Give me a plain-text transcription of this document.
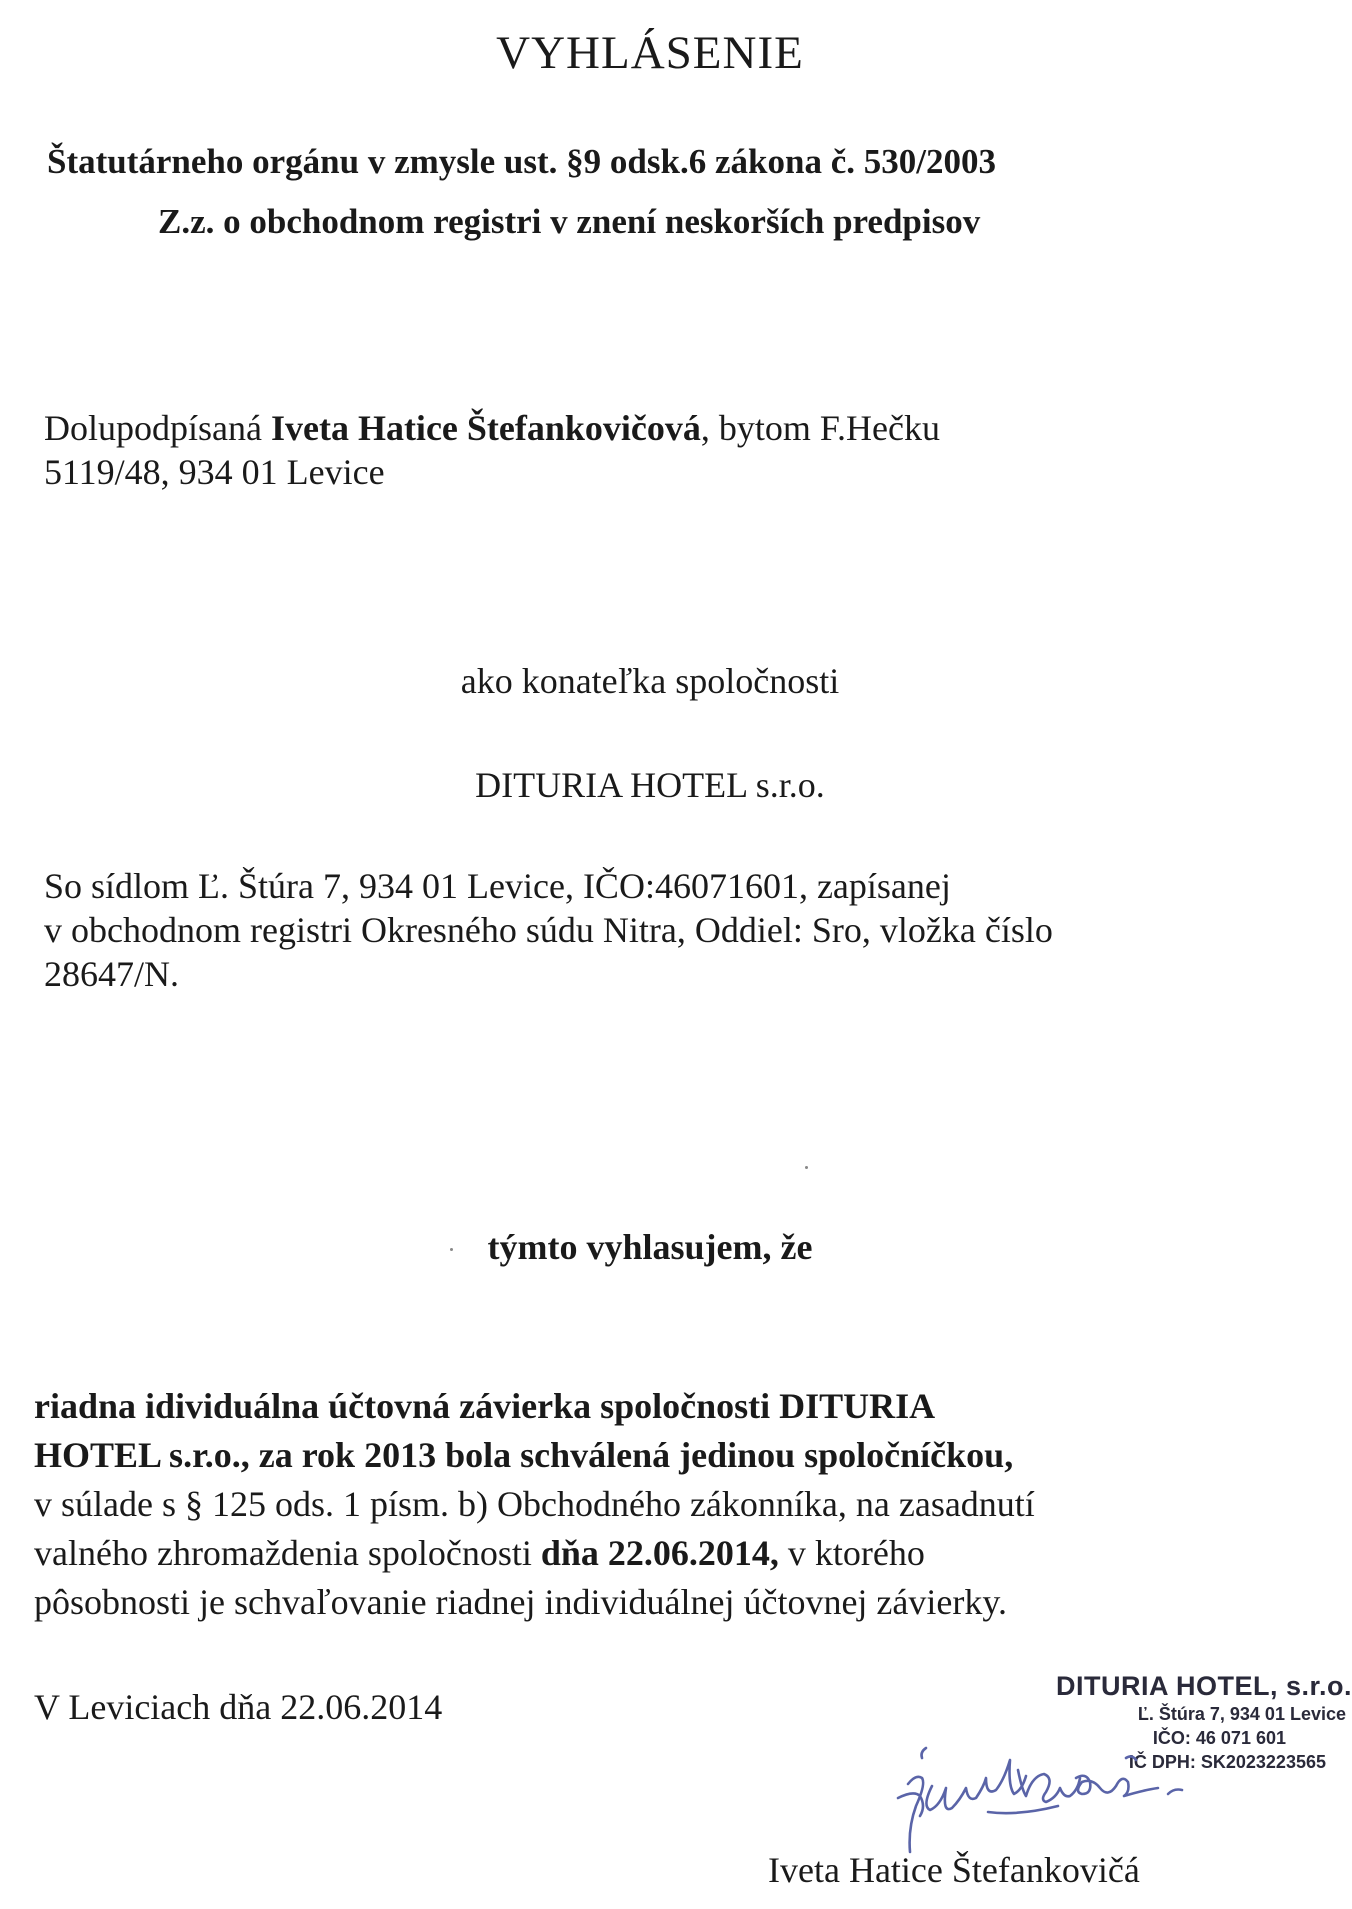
VYHLÁSENIE
Štatutárneho orgánu v zmysle ust. §9 odsk.6 zákona č. 530/2003
Z.z. o obchodnom registri v znení neskorších predpisov
Dolupodpísaná Iveta Hatice Štefankovičová, bytom F.Hečku
5119/48, 934 01 Levice
ako konateľka spoločnosti
DITURIA HOTEL s.r.o.
So sídlom Ľ. Štúra 7, 934 01 Levice, IČO:46071601, zapísanej
v obchodnom registri Okresného súdu Nitra, Oddiel: Sro, vložka číslo
28647/N.
týmto vyhlasujem, že
riadna idividuálna účtovná závierka spoločnosti DITURIA
HOTEL s.r.o., za rok 2013 bola schválená jedinou spoločníčkou,
v súlade s § 125 ods. 1 písm. b) Obchodného zákonníka, na zasadnutí
valného zhromaždenia spoločnosti dňa 22.06.2014, v ktorého
pôsobnosti je schvaľovanie riadnej individuálnej účtovnej závierky.
V Leviciach dňa 22.06.2014
DITURIA HOTEL, s.r.o.
Ľ. Štúra 7, 934 01 Levice
IČO: 46 071 601
IČ DPH: SK2023223565
Iveta Hatice Štefankovičá
